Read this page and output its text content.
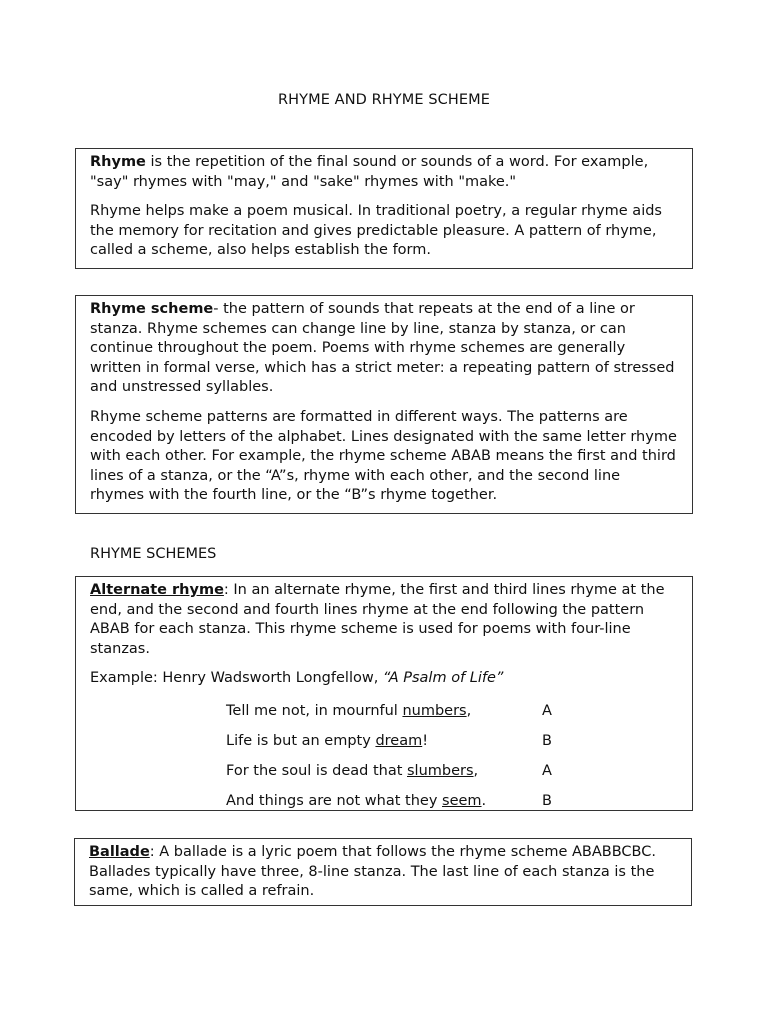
RHYME AND RHYME SCHEME

Rhyme is the repetition of the final sound or sounds of a word. For example, "say" rhymes with "may," and "sake" rhymes with "make."

Rhyme helps make a poem musical. In traditional poetry, a regular rhyme aids the memory for recitation and gives predictable pleasure. A pattern of rhyme, called a scheme, also helps establish the form.

Rhyme scheme- the pattern of sounds that repeats at the end of a line or stanza. Rhyme schemes can change line by line, stanza by stanza, or can continue throughout the poem. Poems with rhyme schemes are generally written in formal verse, which has a strict meter: a repeating pattern of stressed and unstressed syllables.

Rhyme scheme patterns are formatted in different ways. The patterns are encoded by letters of the alphabet. Lines designated with the same letter rhyme with each other. For example, the rhyme scheme ABAB means the first and third lines of a stanza, or the “A”s, rhyme with each other, and the second line rhymes with the fourth line, or the “B”s rhyme together.

RHYME SCHEMES

Alternate rhyme: In an alternate rhyme, the first and third lines rhyme at the end, and the second and fourth lines rhyme at the end following the pattern ABAB for each stanza. This rhyme scheme is used for poems with four-line stanzas.

Example: Henry Wadsworth Longfellow, “A Psalm of Life”

Tell me not, in mournful numbers,	A
Life is but an empty dream!	B
For the soul is dead that slumbers,	A
And things are not what they seem.	B

Ballade: A ballade is a lyric poem that follows the rhyme scheme ABABBCBC. Ballades typically have three, 8-line stanza. The last line of each stanza is the same, which is called a refrain.
